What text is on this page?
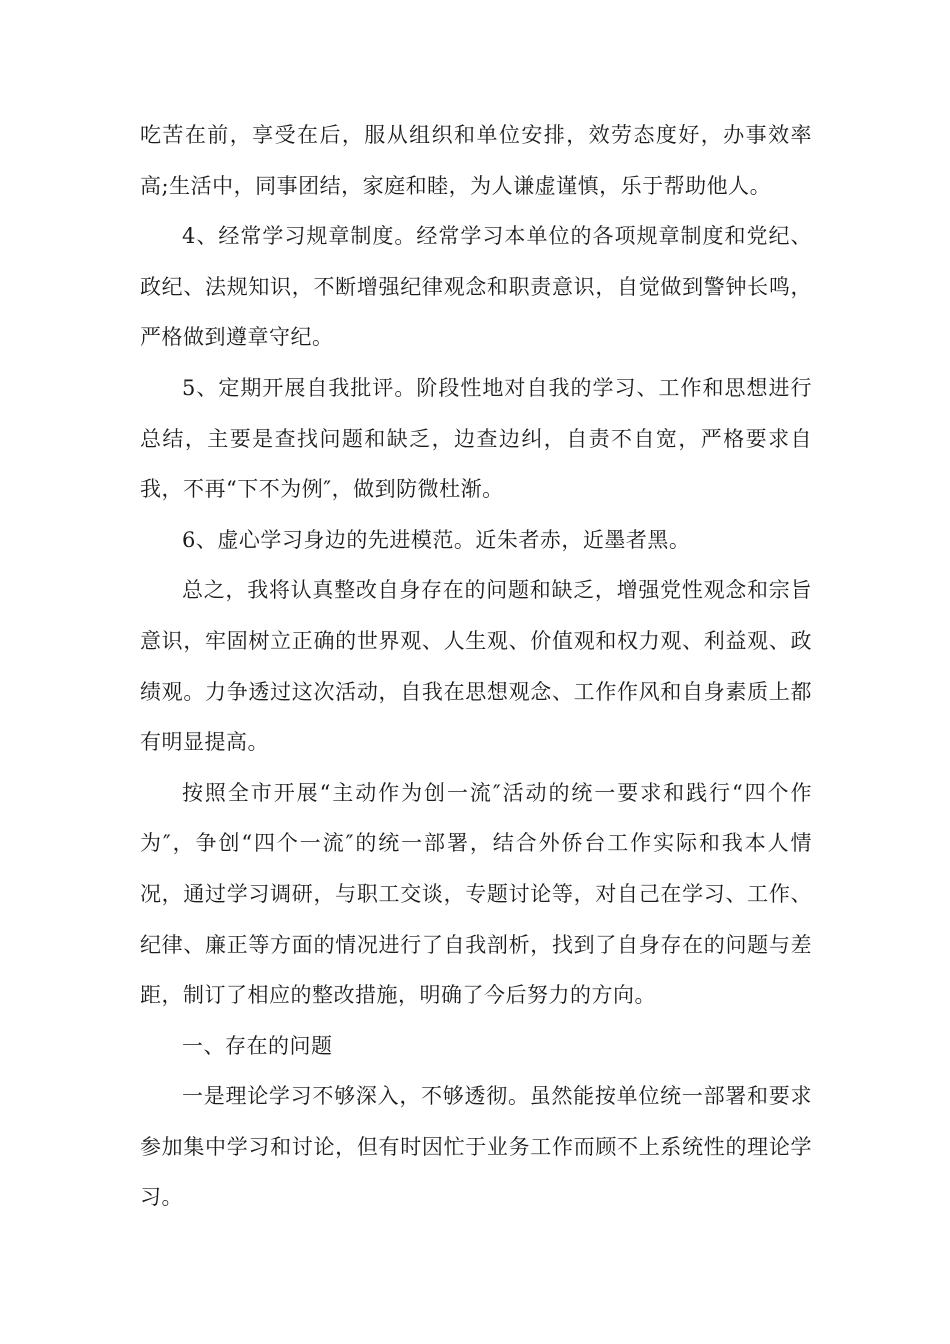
吃苦在前，享受在后，服从组织和单位安排，效劳态度好，办事效率高;生活中，同事团结，家庭和睦，为人谦虚谨慎，乐于帮助他人。

4、经常学习规章制度。经常学习本单位的各项规章制度和党纪、政纪、法规知识，不断增强纪律观念和职责意识，自觉做到警钟长鸣，严格做到遵章守纪。

5、定期开展自我批评。阶段性地对自我的学习、工作和思想进行总结，主要是查找问题和缺乏，边查边纠，自责不自宽，严格要求自我，不再“下不为例″，做到防微杜渐。

6、虚心学习身边的先进模范。近朱者赤，近墨者黑。

总之，我将认真整改自身存在的问题和缺乏，增强党性观念和宗旨意识，牢固树立正确的世界观、人生观、价值观和权力观、利益观、政绩观。力争透过这次活动，自我在思想观念、工作作风和自身素质上都有明显提高。

按照全市开展“主动作为创一流″活动的统一要求和践行“四个作为″，争创“四个一流″的统一部署，结合外侨台工作实际和我本人情况，通过学习调研，与职工交谈，专题讨论等，对自己在学习、工作、纪律、廉正等方面的情况进行了自我剖析，找到了自身存在的问题与差距，制订了相应的整改措施，明确了今后努力的方向。

一、存在的问题

一是理论学习不够深入，不够透彻。虽然能按单位统一部署和要求参加集中学习和讨论，但有时因忙于业务工作而顾不上系统性的理论学习。
